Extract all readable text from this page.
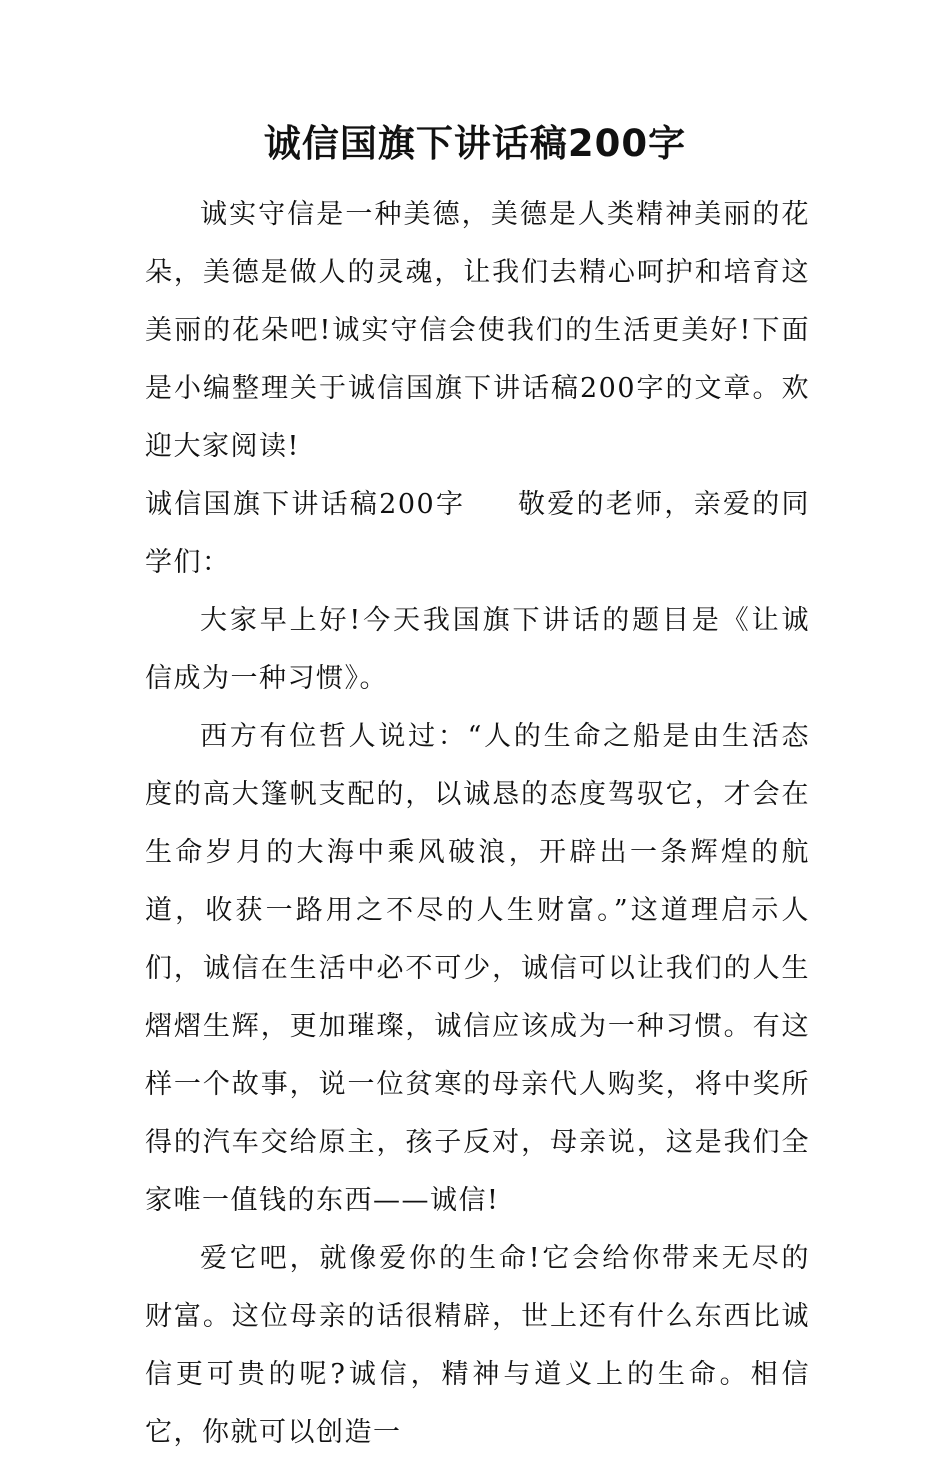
诚信国旗下讲话稿200字

诚实守信是一种美德，美德是人类精神美丽的花朵，美德是做人的灵魂，让我们去精心呵护和培育这美丽的花朵吧!诚实守信会使我们的生活更美好!下面是小编整理关于诚信国旗下讲话稿200字的文章。欢迎大家阅读!

诚信国旗下讲话稿200字 敬爱的老师，亲爱的同学们：

大家早上好!今天我国旗下讲话的题目是《让诚信成为一种习惯》。

西方有位哲人说过：“人的生命之船是由生活态度的高大篷帆支配的，以诚恳的态度驾驭它，才会在生命岁月的大海中乘风破浪，开辟出一条辉煌的航道，收获一路用之不尽的人生财富。”这道理启示人们，诚信在生活中必不可少，诚信可以让我们的人生熠熠生辉，更加璀璨，诚信应该成为一种习惯。有这样一个故事，说一位贫寒的母亲代人购奖，将中奖所得的汽车交给原主，孩子反对，母亲说，这是我们全家唯一值钱的东西——诚信!

爱它吧，就像爱你的生命!它会给你带来无尽的财富。这位母亲的话很精辟，世上还有什么东西比诚信更可贵的呢?诚信，精神与道义上的生命。相信它，你就可以创造一
